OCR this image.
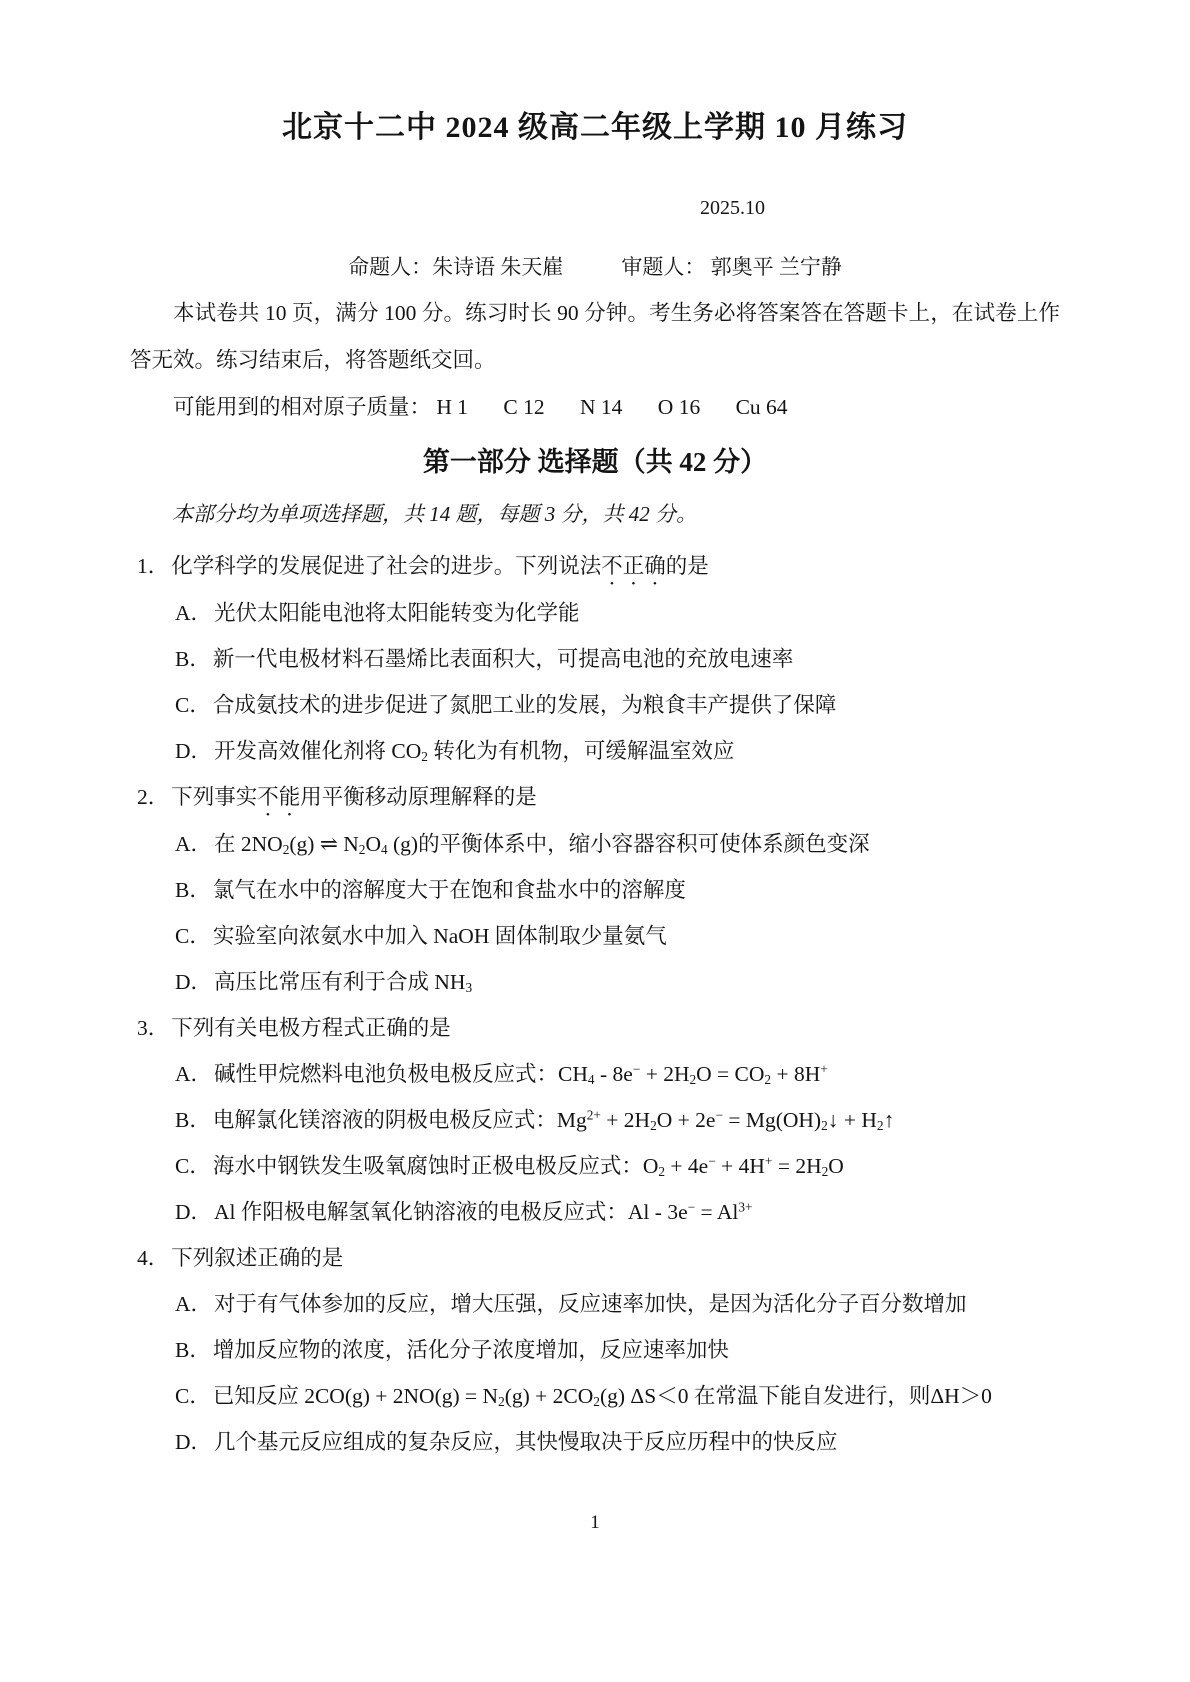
北京十二中 2024 级高二年级上学期 10 月练习
2025.10
命题人：朱诗语 朱天嵟	审题人： 郭奥平 兰宁静

本试卷共 10 页，满分 100 分。练习时长 90 分钟。考生务必将答案答在答题卡上，在试卷上作答无效。练习结束后，将答题纸交回。

可能用到的相对原子质量： H 1 C 12 N 14 O 16 Cu 64
第一部分 选择题（共 42 分）
本部分均为单项选择题，共 14 题，每题 3 分，共 42 分。
1．化学科学的发展促进了社会的进步。下列说法不正确的是
A．光伏太阳能电池将太阳能转变为化学能
B．新一代电极材料石墨烯比表面积大，可提高电池的充放电速率
C．合成氨技术的进步促进了氮肥工业的发展，为粮食丰产提供了保障
D．开发高效催化剂将 $CO_2$ 转化为有机物，可缓解温室效应
2．下列事实不能用平衡移动原理解释的是
A．在 $2NO_2(g)$ ⇌ $N_2O_4$ (g)的平衡体系中，缩小容器容积可使体系颜色变深
B．氯气在水中的溶解度大于在饱和食盐水中的溶解度
C．实验室向浓氨水中加入 NaOH 固体制取少量氨气
D．高压比常压有利于合成 $NH_3$
3．下列有关电极方程式正确的是
A．碱性甲烷燃料电池负极电极反应式：$CH_4 - 8e^- + 2H_2O = CO_2 + 8H^+$
B．电解氯化镁溶液的阴极电极反应式：$Mg^{2+} + 2H_2O + 2e^-$ = $Mg(OH)_2↓$ + $H_2↑$
C．海水中钢铁发生吸氧腐蚀时正极电极反应式：$O_2 + 4e^- + 4H^+ = 2H_2O$
D．Al 作阳极电解氢氧化钠溶液的电极反应式：$Al - 3e^- = Al^{3+}$
4．下列叙述正确的是
A．对于有气体参加的反应，增大压强，反应速率加快，是因为活化分子百分数增加
B．增加反应物的浓度，活化分子浓度增加，反应速率加快
C．已知反应 $2CO(g) + 2NO(g) = N_2(g) + 2CO_2(g)$ ΔS＜0 在常温下能自发进行，则ΔH＞0
D．几个基元反应组成的复杂反应，其快慢取决于反应历程中的快反应
1
